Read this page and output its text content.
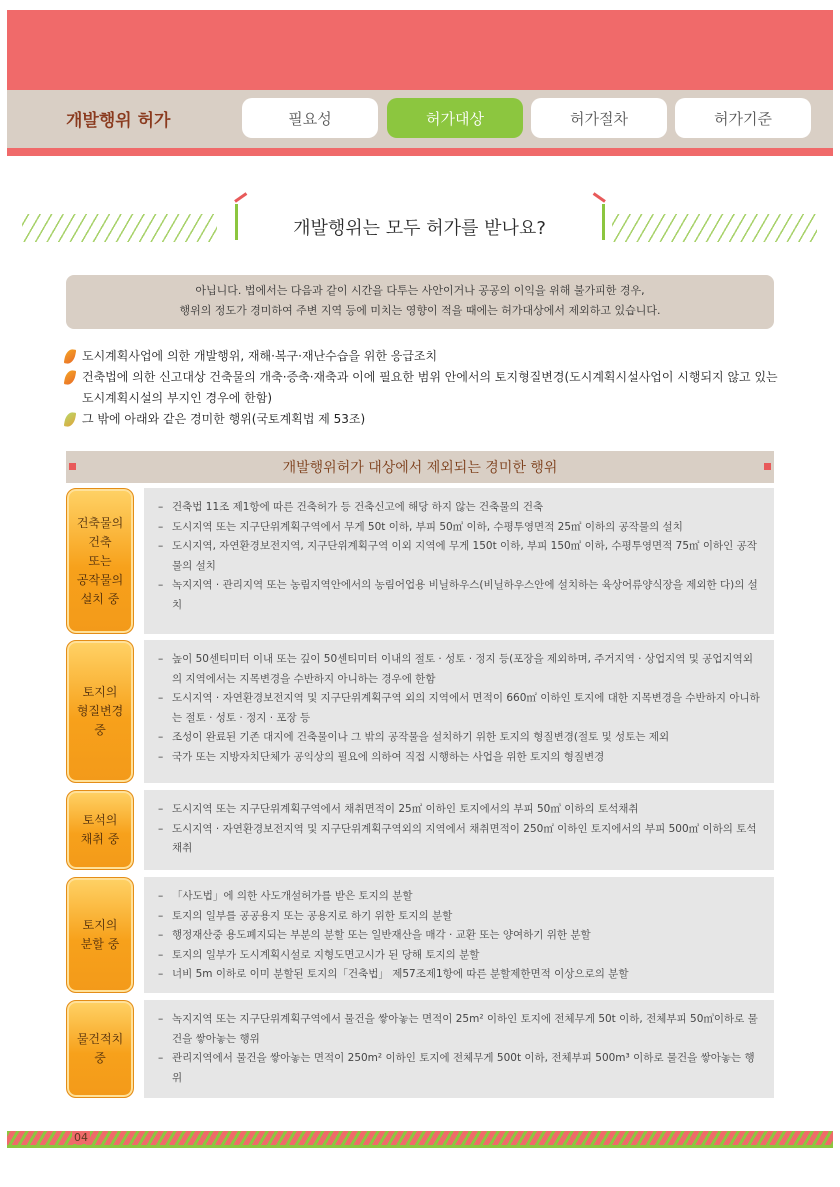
개발행위 허가	필요성	허가대상	허가절차	허가기준
개발행위는 모두 허가를 받나요?
아닙니다. 법에서는 다음과 같이 시간을 다투는 사안이거나 공공의 이익을 위해 불가피한 경우,
행위의 정도가 경미하여 주변 지역 등에 미치는 영향이 적을 때에는 허가대상에서 제외하고 있습니다.
도시계획사업에 의한 개발행위, 재해·복구·재난수습을 위한 응급조치
건축법에 의한 신고대상 건축물의 개축·증축·재축과 이에 필요한 범위 안에서의 토지형질변경(도시계획시설사업이 시행되지 않고 있는 도시계획시설의 부지인 경우에 한함)
그 밖에 아래와 같은 경미한 행위(국토계획법 제 53조)
개발행위허가 대상에서 제외되는 경미한 행위
건축물의
건축
또는
공작물의
설치 중
– 건축법 11조 제1항에 따른 건축허가 등 건축신고에 해당 하지 않는 건축물의 건축
– 도시지역 또는 지구단위계획구역에서 무게 50t 이하, 부피 50㎥ 이하, 수평투영면적 25㎡ 이하의 공작물의 설치
– 도시지역, 자연환경보전지역, 지구단위계획구역 이외 지역에 무게 150t 이하, 부피 150㎥ 이하, 수평투영면적 75㎡ 이하인 공작물의 설치
– 녹지지역 · 관리지역 또는 농림지역안에서의 농림어업용 비닐하우스(비닐하우스안에 설치하는 육상어류양식장을 제외한 다)의 설치
토지의
형질변경
중
– 높이 50센티미터 이내 또는 깊이 50센티미터 이내의 절토 · 성토 · 정지 등(포장을 제외하며, 주거지역 · 상업지역 및 공업지역외의 지역에서는 지목변경을 수반하지 아니하는 경우에 한함
– 도시지역 · 자연환경보전지역 및 지구단위계획구역 외의 지역에서 면적이 660㎡ 이하인 토지에 대한 지목변경을 수반하지 아니하는 절토 · 성토 · 정지 · 포장 등
– 조성이 완료된 기존 대지에 건축물이나 그 밖의 공작물을 설치하기 위한 토지의 형질변경(절토 및 성토는 제외
– 국가 또는 지방자치단체가 공익상의 필요에 의하여 직접 시행하는 사업을 위한 토지의 형질변경
토석의
채취 중
– 도시지역 또는 지구단위계획구역에서 채취면적이 25㎡ 이하인 토지에서의 부피 50㎥ 이하의 토석채취
– 도시지역 · 자연환경보전지역 및 지구단위계획구역외의 지역에서 채취면적이 250㎡ 이하인 토지에서의 부피 500㎥ 이하의 토석채취
토지의
분할 중
– 「사도법」에 의한 사도개설허가를 받은 토지의 분할
– 토지의 일부를 공공용지 또는 공용지로 하기 위한 토지의 분할
– 행정재산중 용도폐지되는 부분의 분할 또는 일반재산을 매각 · 교환 또는 양여하기 위한 분할
– 토지의 일부가 도시계획시설로 지형도면고시가 된 당해 토지의 분할
– 너비 5m 이하로 이미 분할된 토지의「건축법」 제57조제1항에 따른 분할제한면적 이상으로의 분할
물건적치
중
– 녹지지역 또는 지구단위계획구역에서 물건을 쌓아놓는 면적이 25m² 이하인 토지에 전체무게 50t 이하, 전체부피 50㎥이하로 물건을 쌓아놓는 행위
– 관리지역에서 물건을 쌓아놓는 면적이 250m² 이하인 토지에 전체무게 500t 이하, 전체부피 500m³ 이하로 물건을 쌓아놓는 행위
04
